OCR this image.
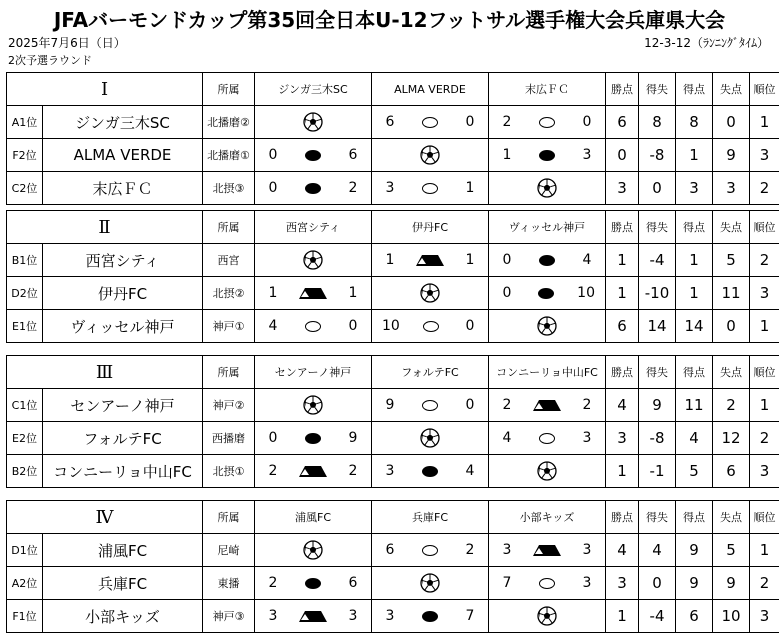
JFAバーモンドカップ第35回全日本U-12フットサル選手権大会兵庫県大会
2025年7月6日（日）
2次予選ラウンド
12-3-12（ﾗﾝﾆﾝｸﾞﾀｲﾑ）
Ⅰ		所属	ジンガ三木SC	ALMA VERDE	末広ＦＣ	勝点	得失	得点	失点	順位
A1位	ジンガ三木SC	北播磨②		6 0	2 0	6	8	8	0	1
F2位	ALMA VERDE	北播磨①	0 6		1 3	0	-8	1	9	3
C2位	末広ＦＣ	北摂③	0 2	3 1		3	0	3	3	2
Ⅱ		所属	西宮シティ	伊丹FC	ヴィッセル神戸	勝点	得失	得点	失点	順位
B1位	西宮シティ	西宮		1 1	0 4	1	-4	1	5	2
D2位	伊丹FC	北摂②	1 1		0 10	1	-10	1	11	3
E1位	ヴィッセル神戸	神戸①	4 0	10 0		6	14	14	0	1
Ⅲ		所属	センアーノ神戸	フォルテFC	コンニーリョ中山FC	勝点	得失	得点	失点	順位
C1位	センアーノ神戸	神戸②		9 0	2 2	4	9	11	2	1
E2位	フォルテFC	西播磨	0 9		4 3	3	-8	4	12	2
B2位	コンニーリョ中山FC	北摂①	2 2	3 4		1	-1	5	6	3
Ⅳ		所属	浦風FC	兵庫FC	小部キッズ	勝点	得失	得点	失点	順位
D1位	浦風FC	尼崎		6 2	3 3	4	4	9	5	1
A2位	兵庫FC	東播	2 6		7 3	3	0	9	9	2
F1位	小部キッズ	神戸③	3 3	3 7		1	-4	6	10	3
